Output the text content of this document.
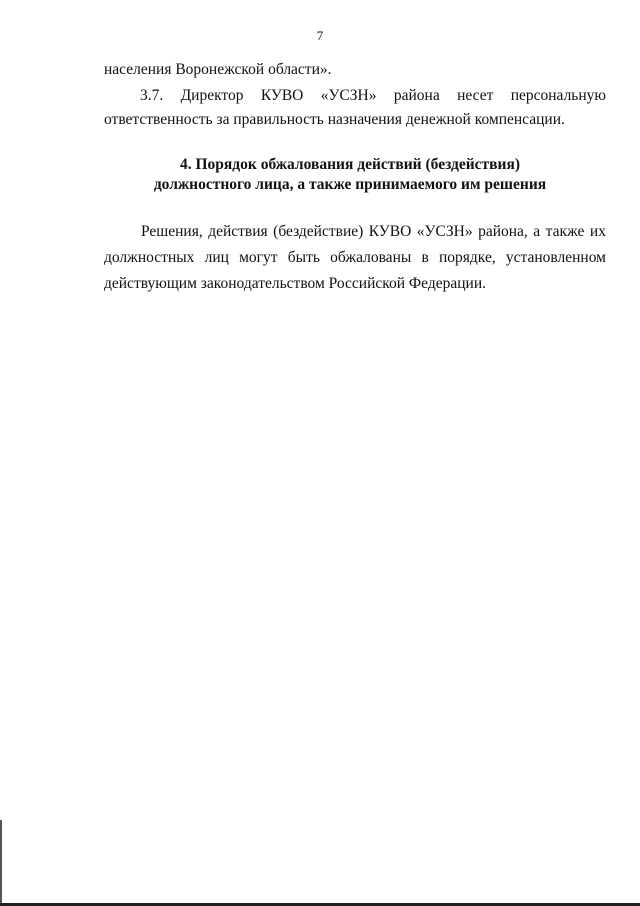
7
населения Воронежской области».
3.7. Директор КУВО «УСЗН» района несет персональную
ответственность за правильность назначения денежной компенсации.
4. Порядок обжалования действий (бездействия)
должностного лица, а также принимаемого им решения
Решения, действия (бездействие) КУВО «УСЗН» района, а также их
должностных лиц могут быть обжалованы в порядке, установленном
действующим законодательством Российской Федерации.
